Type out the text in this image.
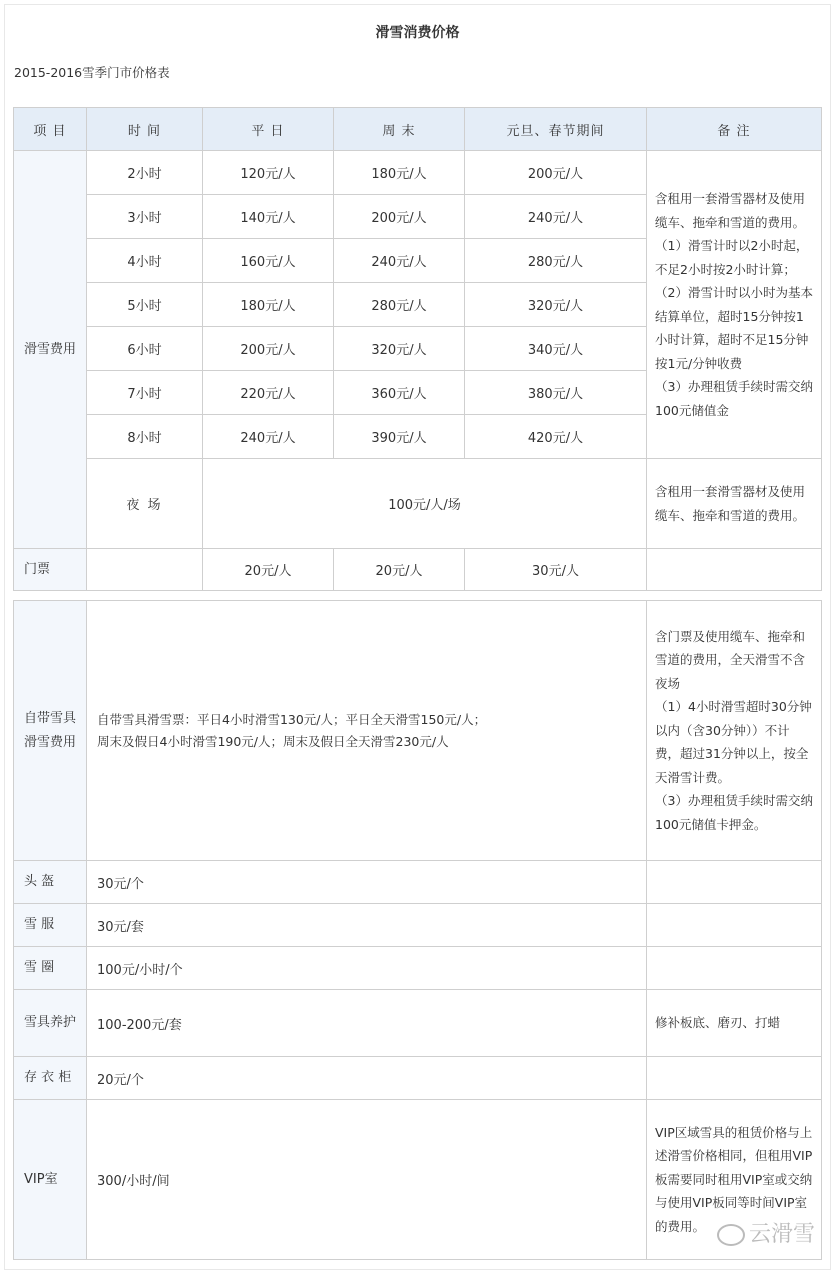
滑雪消费价格
2015-2016雪季门市价格表
项 目	时 间	平 日	周 末	元旦、春节期间	备 注
滑雪费用	2小时	120元/人	180元/人	200元/人	含租用一套滑雪器材及使用缆车、拖牵和雪道的费用。
（1）滑雪计时以2小时起，不足2小时按2小时计算；
（2）滑雪计时以小时为基本结算单位，超时15分钟按1小时计算，超时不足15分钟按1元/分钟收费
（3）办理租赁手续时需交纳100元储值金
	3小时	140元/人	200元/人	240元/人	
	4小时	160元/人	240元/人	280元/人	
	5小时	180元/人	280元/人	320元/人	
	6小时	200元/人	320元/人	340元/人	
	7小时	220元/人	360元/人	380元/人	
	8小时	240元/人	390元/人	420元/人	
	夜 场	100元/人/场			含租用一套滑雪器材及使用缆车、拖牵和雪道的费用。
门票		20元/人	20元/人	30元/人	
自带雪具滑雪费用	自带雪具滑雪票：平日4小时滑雪130元/人；平日全天滑雪150元/人；
周末及假日4小时滑雪190元/人；周末及假日全天滑雪230元/人	含门票及使用缆车、拖牵和雪道的费用，全天滑雪不含夜场
（1）4小时滑雪超时30分钟以内（含30分钟））不计费，超过31分钟以上，按全天滑雪计费。
（3）办理租赁手续时需交纳100元储值卡押金。
头 盔	30元/个	
雪 服	30元/套	
雪 圈	100元/小时/个	
雪具养护	100-200元/套	修补板底、磨刃、打蜡
存 衣 柜	20元/个	
VIP室	300/小时/间	VIP区域雪具的租赁价格与上述滑雪价格相同，但租用VIP板需要同时租用VIP室或交纳与使用VIP板同等时间VIP室的费用。	云滑雪
